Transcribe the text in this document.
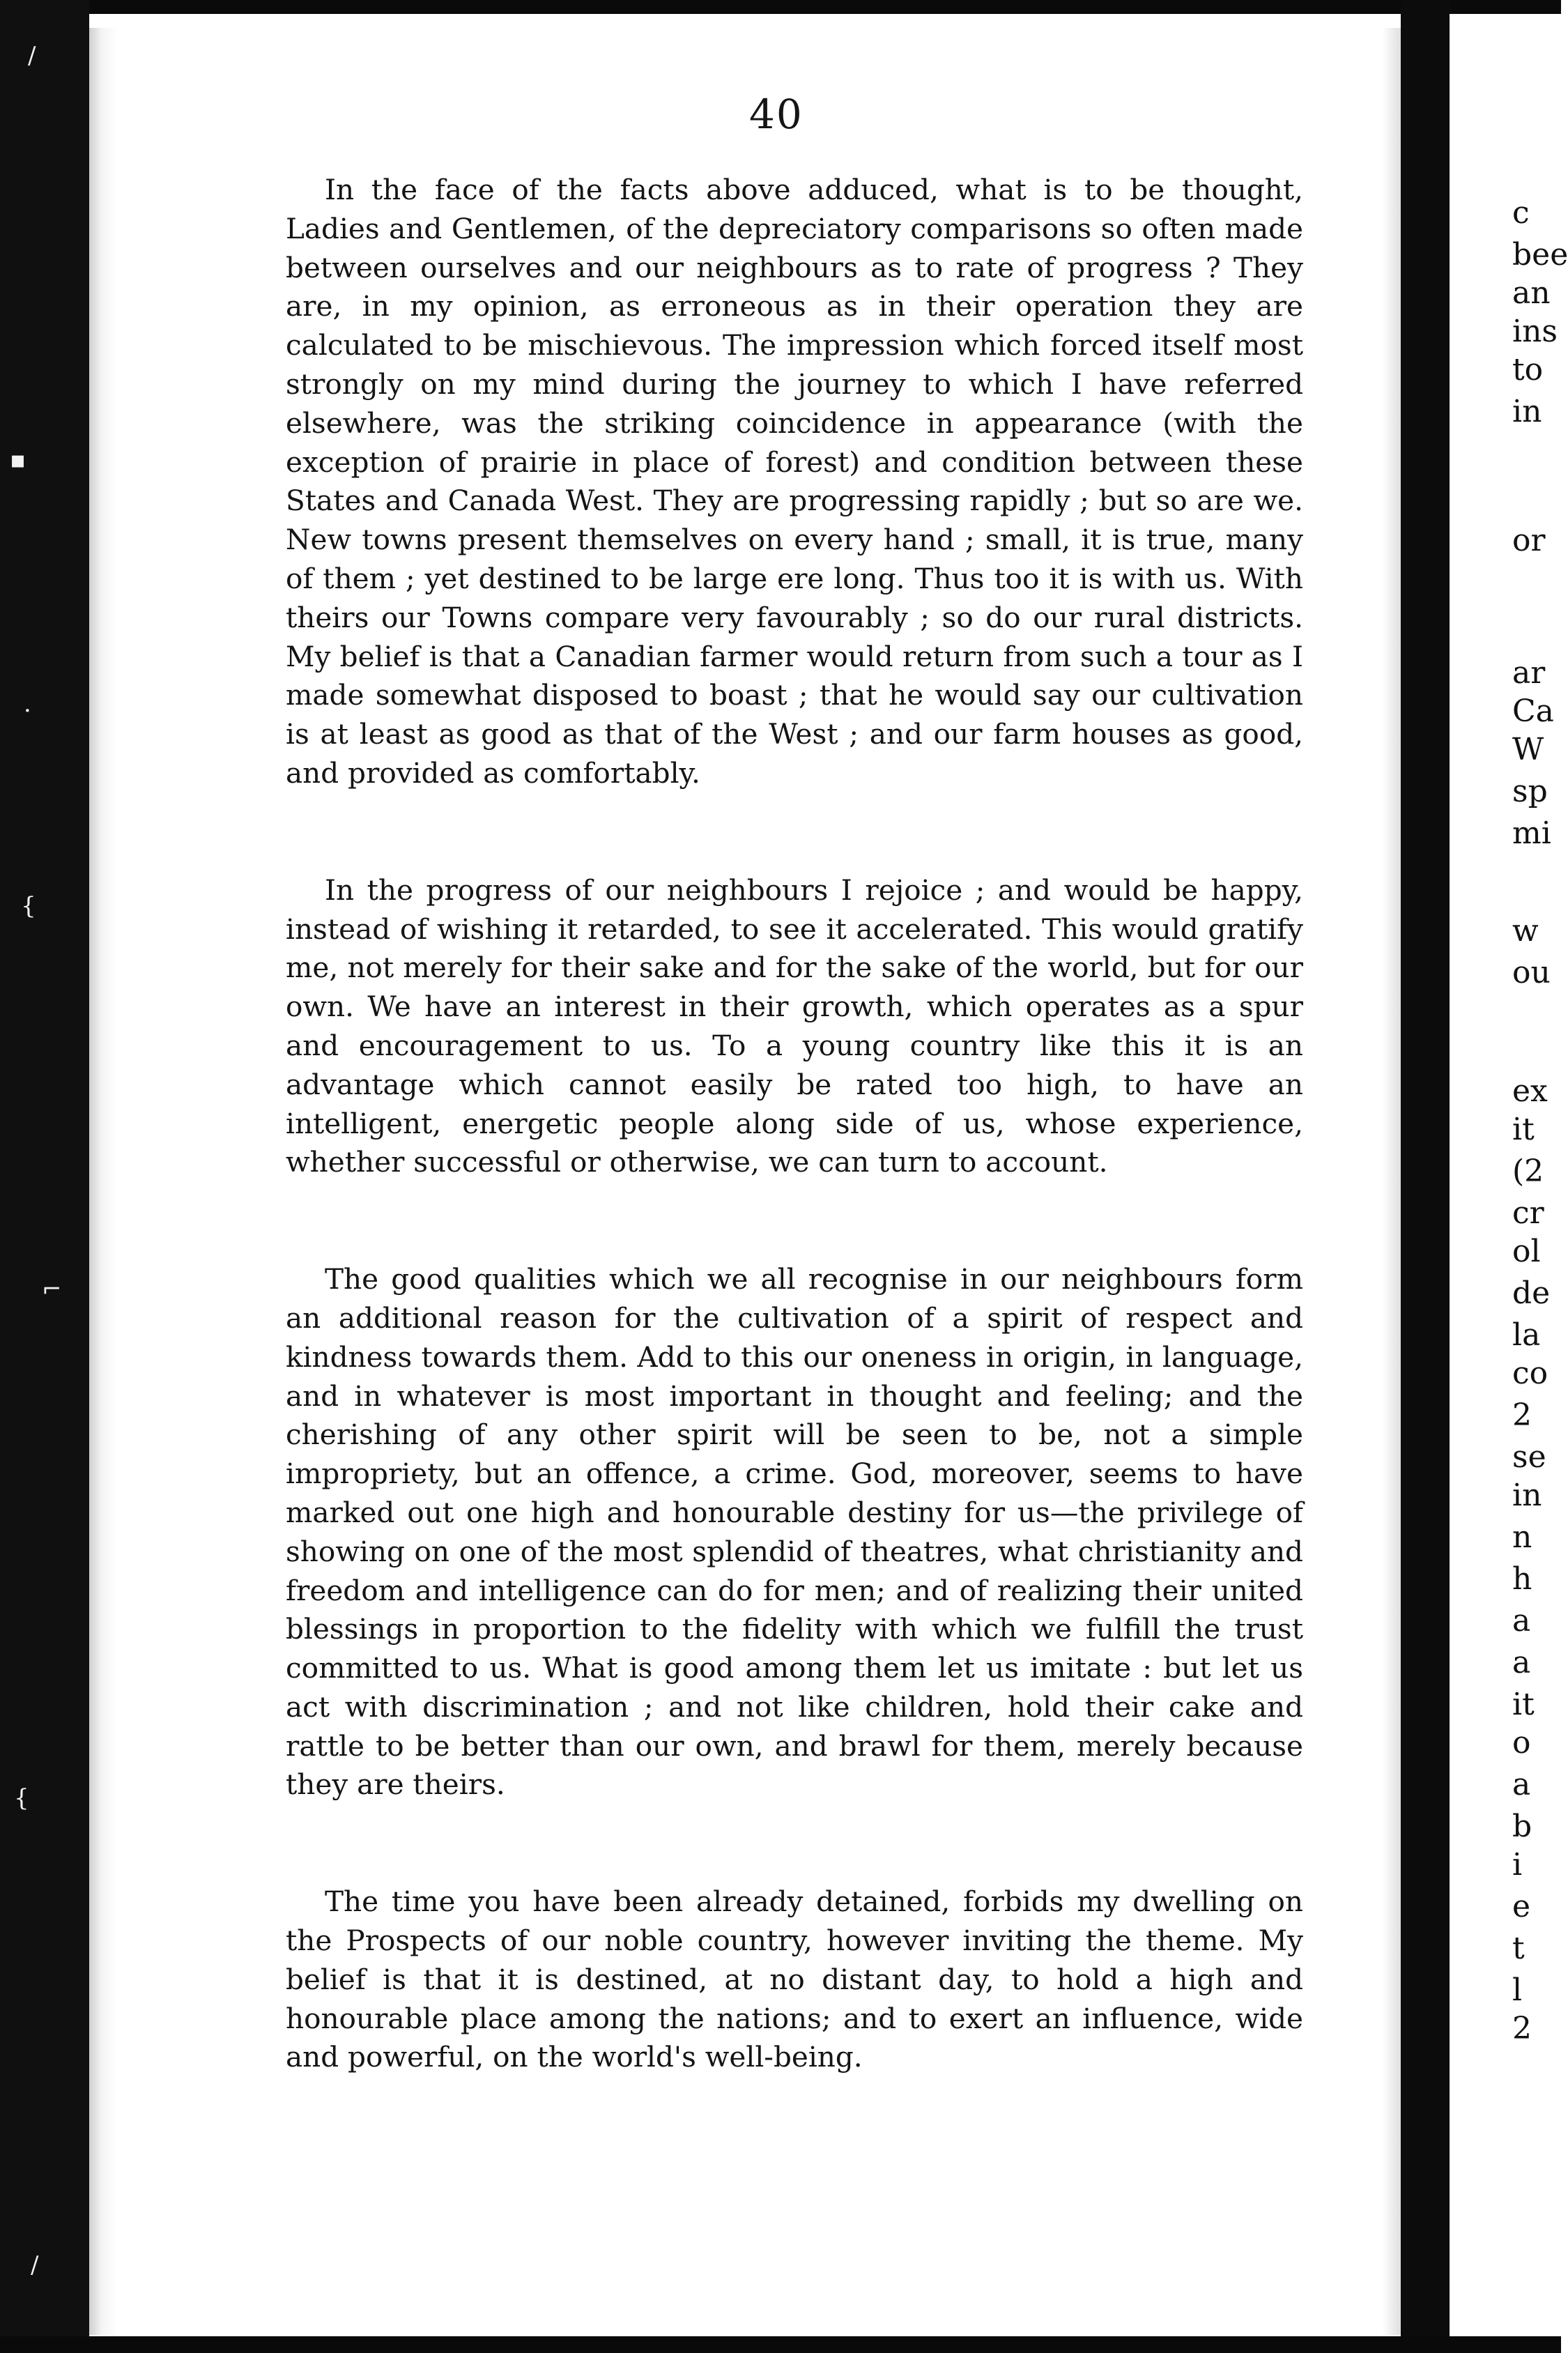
/
▪
·
{
⌐
{
/
c
bee
an
ins
to
in
or
ar
Ca
W
sp
mi
w
ou
ex
it
(2
cr
ol
de
la
co
2
se
in
n
h
a
a
it
o
a
b
i
e
t
l
2
40

In the face of the facts above adduced, what is to be thought, Ladies and Gentlemen, of the depreciatory comparisons so often made between ourselves and our neighbours as to rate of progress ? They are, in my opinion, as erroneous as in their operation they are calculated to be mischievous. The impression which forced itself most strongly on my mind during the journey to which I have referred elsewhere, was the striking coincidence in appearance (with the exception of prairie in place of forest) and condition between these States and Canada West. They are progressing rapidly ; but so are we. New towns present themselves on every hand ; small, it is true, many of them ; yet destined to be large ere long. Thus too it is with us. With theirs our Towns compare very favourably ; so do our rural districts. My belief is that a Canadian farmer would return from such a tour as I made somewhat disposed to boast ; that he would say our cultivation is at least as good as that of the West ; and our farm houses as good, and provided as comfortably.

In the progress of our neighbours I rejoice ; and would be happy, instead of wishing it retarded, to see it accelerated. This would gratify me, not merely for their sake and for the sake of the world, but for our own. We have an interest in their growth, which operates as a spur and encouragement to us. To a young country like this it is an advantage which cannot easily be rated too high, to have an intelligent, energetic people along side of us, whose experience, whether successful or otherwise, we can turn to account.

The good qualities which we all recognise in our neighbours form an additional reason for the cultivation of a spirit of respect and kindness towards them. Add to this our oneness in origin, in language, and in whatever is most important in thought and feeling; and the cherishing of any other spirit will be seen to be, not a simple impropriety, but an offence, a crime. God, moreover, seems to have marked out one high and honourable destiny for us—the privilege of showing on one of the most splendid of theatres, what christianity and freedom and intelligence can do for men; and of realizing their united blessings in proportion to the fidelity with which we fulfill the trust committed to us. What is good among them let us imitate : but let us act with discrimination ; and not like children, hold their cake and rattle to be better than our own, and brawl for them, merely because they are theirs.

The time you have been already detained, forbids my dwelling on the Prospects of our noble country, however inviting the theme. My belief is that it is destined, at no distant day, to hold a high and honourable place among the nations; and to exert an influence, wide and powerful, on the world's well-being.
